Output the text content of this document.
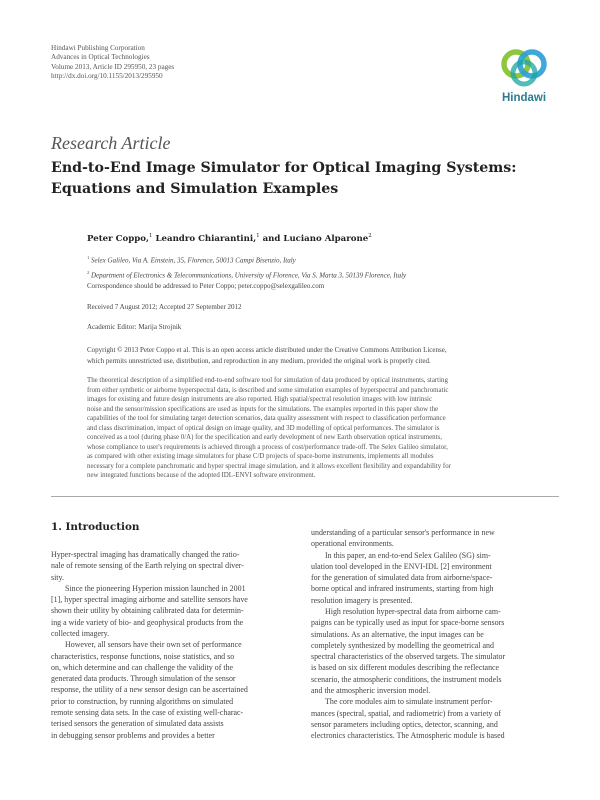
Hindawi Publishing Corporation
Advances in Optical Technologies
Volume 2013, Article ID 295950, 23 pages
http://dx.doi.org/10.1155/2013/295950
Hindawi
Research Article
End-to-End Image Simulator for Optical Imaging Systems:
Equations and Simulation Examples
Peter Coppo,$^1$ Leandro Chiarantini,$^1$ and Luciano Alparone$^2$
$^1$ Selex Galileo, Via A. Einstein, 35, Florence, 50013 Campi Bisenzio, Italy
$^2$ Department of Electronics & Telecommunications, University of Florence, Via S. Marta 3, 50139 Florence, Italy
Correspondence should be addressed to Peter Coppo; peter.coppo@selexgalileo.com
Received 7 August 2012; Accepted 27 September 2012
Academic Editor: Marija Strojnik
Copyright © 2013 Peter Coppo et al. This is an open access article distributed under the Creative Commons Attribution License,
which permits unrestricted use, distribution, and reproduction in any medium, provided the original work is properly cited.
The theoretical description of a simplified end-to-end software tool for simulation of data produced by optical instruments, starting
from either synthetic or airborne hyperspectral data, is described and some simulation examples of hyperspectral and panchromatic
images for existing and future design instruments are also reported. High spatial/spectral resolution images with low intrinsic
noise and the sensor/mission specifications are used as inputs for the simulations. The examples reported in this paper show the
capabilities of the tool for simulating target detection scenarios, data quality assessment with respect to classification performance
and class discrimination, impact of optical design on image quality, and 3D modelling of optical performances. The simulator is
conceived as a tool (during phase 0/A) for the specification and early development of new Earth observation optical instruments,
whose compliance to user's requirements is achieved through a process of cost/performance trade-off. The Selex Galileo simulator,
as compared with other existing image simulators for phase C/D projects of space-borne instruments, implements all modules
necessary for a complete panchromatic and hyper spectral image simulation, and it allows excellent flexibility and expandability for
new integrated functions because of the adopted IDL-ENVI software environment.
1. Introduction
Hyper-spectral imaging has dramatically changed the ratio-
nale of remote sensing of the Earth relying on spectral diver-
sity.
Since the pioneering Hyperion mission launched in 2001
[1], hyper spectral imaging airborne and satellite sensors have
shown their utility by obtaining calibrated data for determin-
ing a wide variety of bio- and geophysical products from the
collected imagery.
However, all sensors have their own set of performance
characteristics, response functions, noise statistics, and so
on, which determine and can challenge the validity of the
generated data products. Through simulation of the sensor
response, the utility of a new sensor design can be ascertained
prior to construction, by running algorithms on simulated
remote sensing data sets. In the case of existing well-charac-
terised sensors the generation of simulated data assists
in debugging sensor problems and provides a better
understanding of a particular sensor's performance in new
operational environments.
In this paper, an end-to-end Selex Galileo (SG) sim-
ulation tool developed in the ENVI-IDL [2] environment
for the generation of simulated data from airborne/space-
borne optical and infrared instruments, starting from high
resolution imagery is presented.
High resolution hyper-spectral data from airborne cam-
paigns can be typically used as input for space-borne sensors
simulations. As an alternative, the input images can be
completely synthesized by modelling the geometrical and
spectral characteristics of the observed targets. The simulator
is based on six different modules describing the reflectance
scenario, the atmospheric conditions, the instrument models
and the atmospheric inversion model.
The core modules aim to simulate instrument perfor-
mances (spectral, spatial, and radiometric) from a variety of
sensor parameters including optics, detector, scanning, and
electronics characteristics. The Atmospheric module is based
